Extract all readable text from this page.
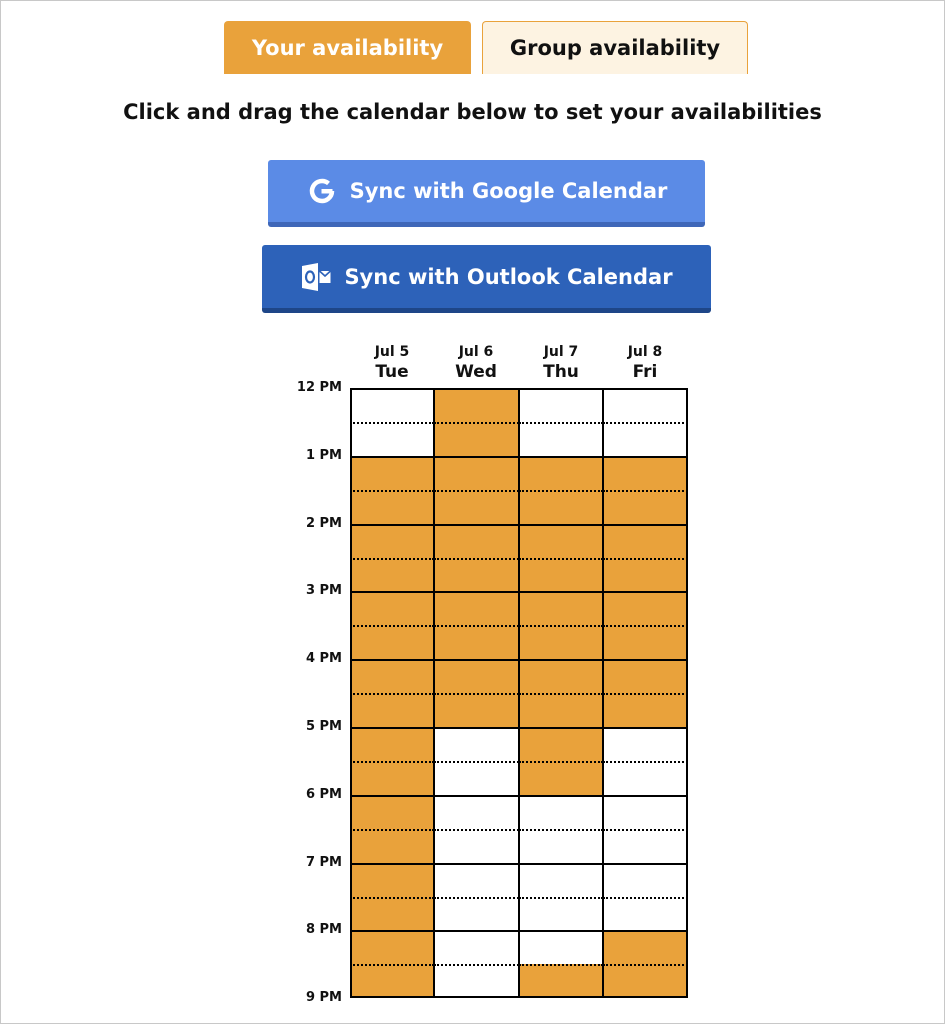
Your availability	Group availability
Click and drag the calendar below to set your availabilities
Sync with Google Calendar
Sync with Outlook Calendar
Jul 5
Tue
Jul 6
Wed
Jul 7
Thu
Jul 8
Fri
12 PM
1 PM
2 PM
3 PM
4 PM
5 PM
6 PM
7 PM
8 PM
9 PM
